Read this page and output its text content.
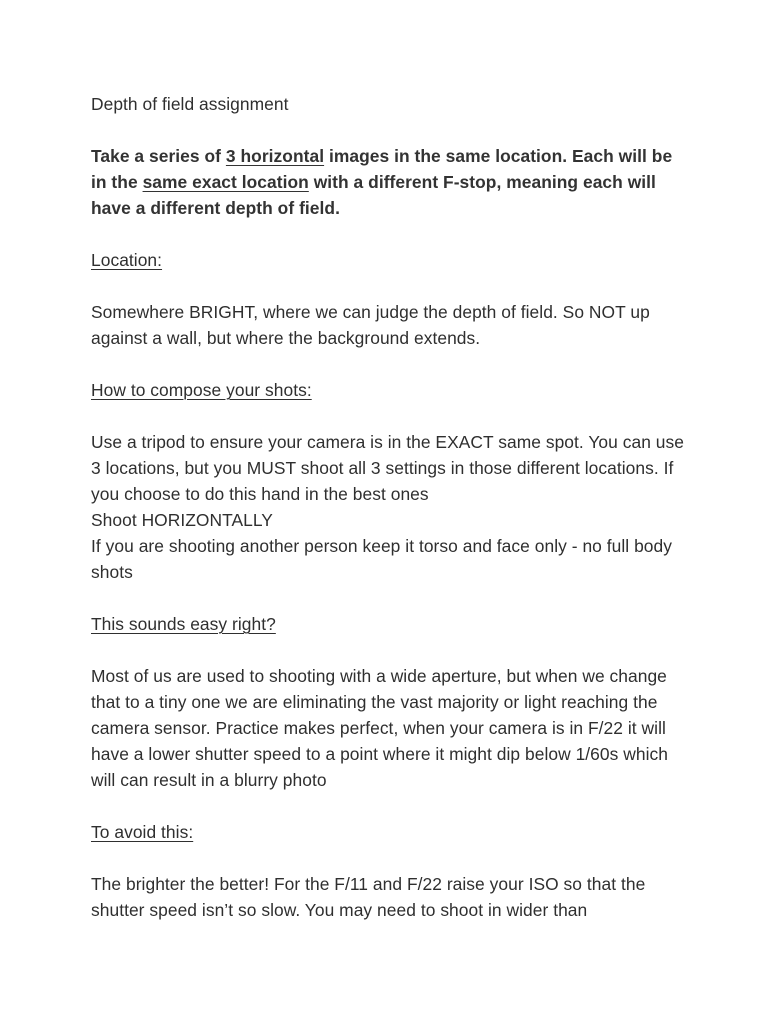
Depth of field assignment

Take a series of 3 horizontal images in the same location. Each will be in the same exact location with a different F-stop, meaning each will have a different depth of field.

Location:

Somewhere BRIGHT, where we can judge the depth of field. So NOT up against a wall, but where the background extends.

How to compose your shots:

Use a tripod to ensure your camera is in the EXACT same spot. You can use 3 locations, but you MUST shoot all 3 settings in those different locations. If you choose to do this hand in the best ones
Shoot HORIZONTALLY
If you are shooting another person keep it torso and face only - no full body shots

This sounds easy right?

Most of us are used to shooting with a wide aperture, but when we change that to a tiny one we are eliminating the vast majority or light reaching the camera sensor. Practice makes perfect, when your camera is in F/22 it will have a lower shutter speed to a point where it might dip below 1/60s which will can result in a blurry photo

To avoid this:

The brighter the better! For the F/11 and F/22 raise your ISO so that the shutter speed isn’t so slow. You may need to shoot in wider than
